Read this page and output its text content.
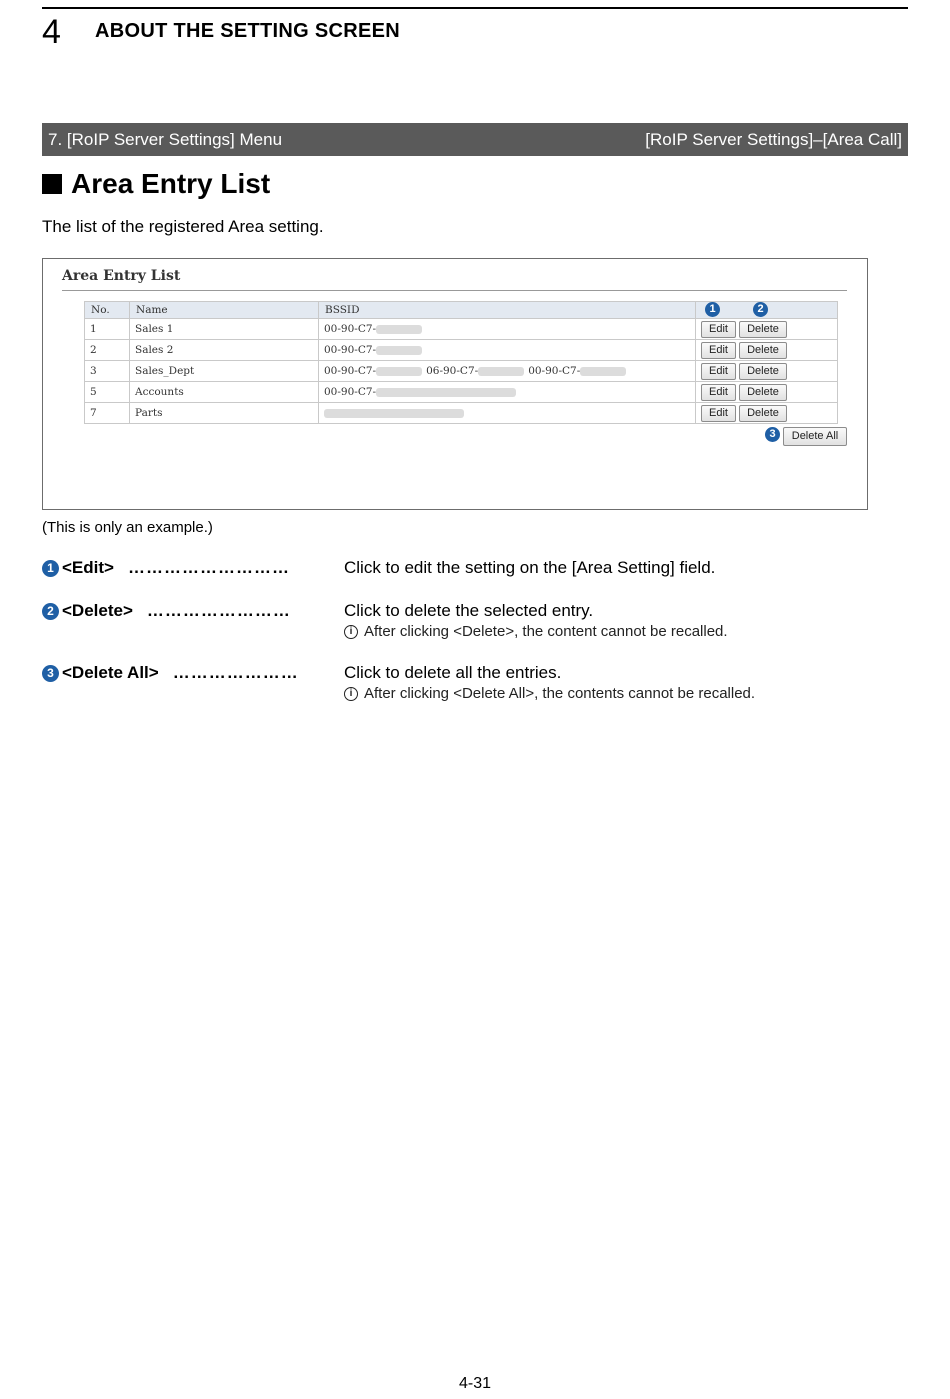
4 ABOUT THE SETTING SCREEN
7. [RoIP Server Settings] Menu	[RoIP Server Settings]–[Area Call]
Area Entry List
The list of the registered Area setting.
Area Entry List
No.	Name	BSSID	
1	Sales 1	00-90-C7-	Edit Delete
2	Sales 2	00-90-C7-	Edit Delete
3	Sales_Dept	00-90-C7- 06-90-C7- 00-90-C7-	Edit Delete
5	Accounts	00-90-C7-	Edit Delete
7	Parts		Edit Delete
1	2
3	Delete All
(This is only an example.)
1 <Edit> ………………………	Click to edit the setting on the [Area Setting] field.
2 <Delete> ……………………	Click to delete the selected entry.
i After clicking <Delete>, the content cannot be recalled.
3 <Delete All> …………………	Click to delete all the entries.
i After clicking <Delete All>, the contents cannot be recalled.
4-31
